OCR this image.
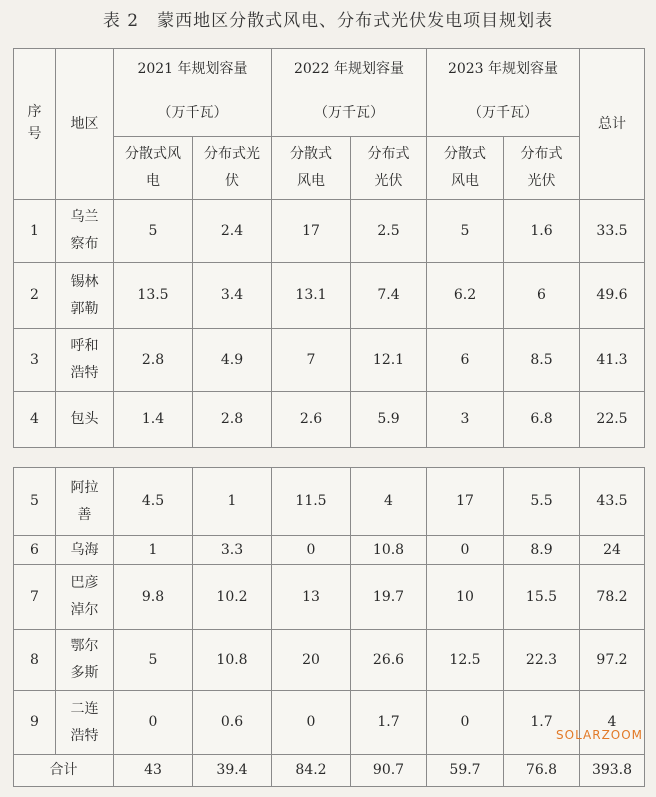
表 2　蒙西地区分散式风电、分布式光伏发电项目规划表
序号	地区	2021 年规划容量		2022 年规划容量		2023 年规划容量		总计
		（万千瓦）		（万千瓦）		（万千瓦）		
		分散式风电	分布式光伏	分散式风电	分布式光伏	分散式风电	分布式光伏	
1	乌兰察布	5	2.4	17	2.5	5	1.6	33.5
2	锡林郭勒	13.5	3.4	13.1	7.4	6.2	6	49.6
3	呼和浩特	2.8	4.9	7	12.1	6	8.5	41.3
4	包头	1.4	2.8	2.6	5.9	3	6.8	22.5
5	阿拉善	4.5	1	11.5	4	17	5.5	43.5
6	乌海	1	3.3	0	10.8	0	8.9	24
7	巴彦淖尔	9.8	10.2	13	19.7	10	15.5	78.2
8	鄂尔多斯	5	10.8	20	26.6	12.5	22.3	97.2
9	二连浩特	0	0.6	0	1.7	0	1.7	4
合计		43	39.4	84.2	90.7	59.7	76.8	393.8
SOLARZOOM
